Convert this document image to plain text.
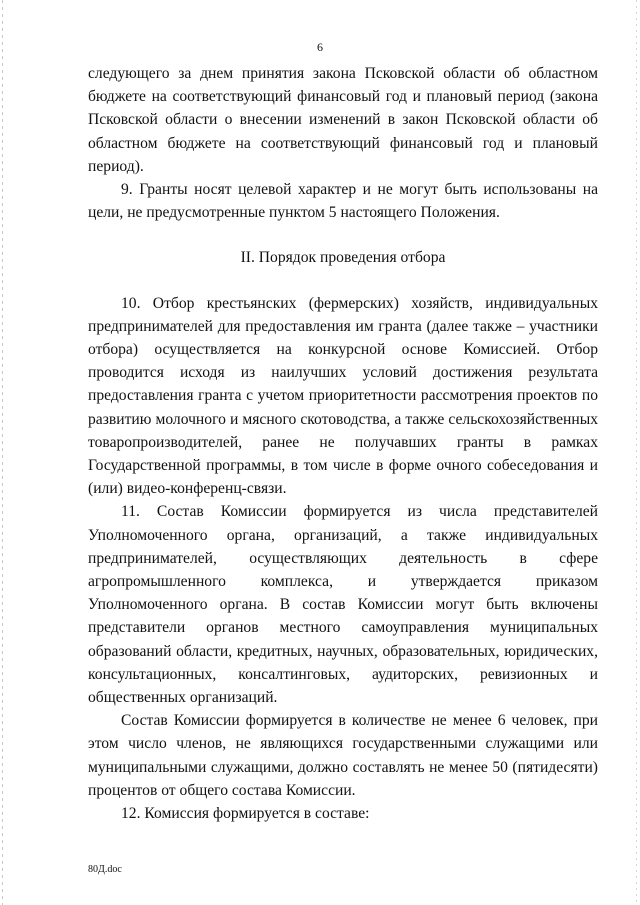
6

следующего за днем принятия закона Псковской области об областном бюджете на соответствующий финансовый год и плановый период (закона Псковской области о внесении изменений в закон Псковской области об областном бюджете на соответствующий финансовый год и плановый период).

9. Гранты носят целевой характер и не могут быть использованы на цели, не предусмотренные пунктом 5 настоящего Положения.

II. Порядок проведения отбора

10. Отбор крестьянских (фермерских) хозяйств, индивидуальных предпринимателей для предоставления им гранта (далее также – участники отбора) осуществляется на конкурсной основе Комиссией. Отбор проводится исходя из наилучших условий достижения результата предоставления гранта с учетом приоритетности рассмотрения проектов по развитию молочного и мясного скотоводства, а также сельскохозяйственных товаропроизводителей, ранее не получавших гранты в рамках Государственной программы, в том числе в форме очного собеседования и (или) видео-конференц-связи.

11. Состав Комиссии формируется из числа представителей Уполномоченного органа, организаций, а также индивидуальных предпринимателей, осуществляющих деятельность в сфере агропромышленного комплекса, и утверждается приказом Уполномоченного органа. В состав Комиссии могут быть включены представители органов местного самоуправления муниципальных образований области, кредитных, научных, образовательных, юридических, консультационных, консалтинговых, аудиторских, ревизионных и общественных организаций.

Состав Комиссии формируется в количестве не менее 6 человек, при этом число членов, не являющихся государственными служащими или муниципальными служащими, должно составлять не менее 50 (пятидесяти) процентов от общего состава Комиссии.

12. Комиссия формируется в составе:

80Д.doc
